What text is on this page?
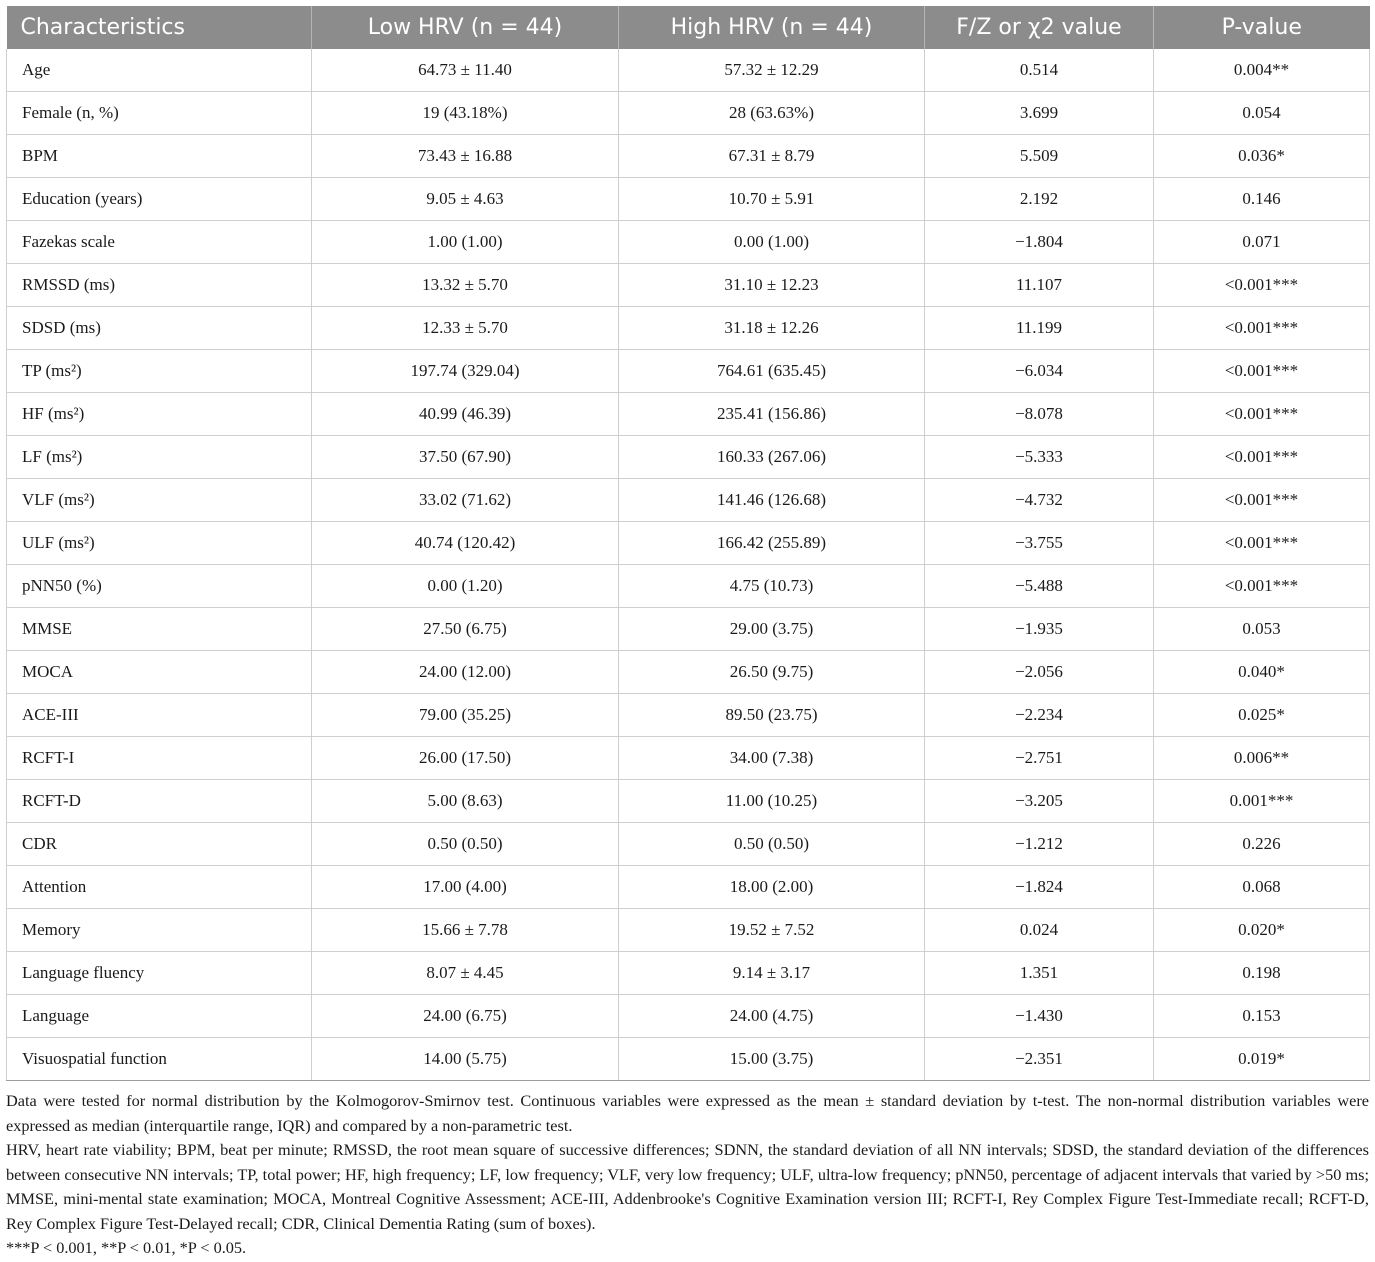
Characteristics	Low HRV (n = 44)	High HRV (n = 44)	F/Z or χ2 value	P-value
Age	64.73 ± 11.40	57.32 ± 12.29	0.514	0.004**
Female (n, %)	19 (43.18%)	28 (63.63%)	3.699	0.054
BPM	73.43 ± 16.88	67.31 ± 8.79	5.509	0.036*
Education (years)	9.05 ± 4.63	10.70 ± 5.91	2.192	0.146
Fazekas scale	1.00 (1.00)	0.00 (1.00)	−1.804	0.071
RMSSD (ms)	13.32 ± 5.70	31.10 ± 12.23	11.107	<0.001***
SDSD (ms)	12.33 ± 5.70	31.18 ± 12.26	11.199	<0.001***
TP (ms²)	197.74 (329.04)	764.61 (635.45)	−6.034	<0.001***
HF (ms²)	40.99 (46.39)	235.41 (156.86)	−8.078	<0.001***
LF (ms²)	37.50 (67.90)	160.33 (267.06)	−5.333	<0.001***
VLF (ms²)	33.02 (71.62)	141.46 (126.68)	−4.732	<0.001***
ULF (ms²)	40.74 (120.42)	166.42 (255.89)	−3.755	<0.001***
pNN50 (%)	0.00 (1.20)	4.75 (10.73)	−5.488	<0.001***
MMSE	27.50 (6.75)	29.00 (3.75)	−1.935	0.053
MOCA	24.00 (12.00)	26.50 (9.75)	−2.056	0.040*
ACE-III	79.00 (35.25)	89.50 (23.75)	−2.234	0.025*
RCFT-I	26.00 (17.50)	34.00 (7.38)	−2.751	0.006**
RCFT-D	5.00 (8.63)	11.00 (10.25)	−3.205	0.001***
CDR	0.50 (0.50)	0.50 (0.50)	−1.212	0.226
Attention	17.00 (4.00)	18.00 (2.00)	−1.824	0.068
Memory	15.66 ± 7.78	19.52 ± 7.52	0.024	0.020*
Language fluency	8.07 ± 4.45	9.14 ± 3.17	1.351	0.198
Language	24.00 (6.75)	24.00 (4.75)	−1.430	0.153
Visuospatial function	14.00 (5.75)	15.00 (3.75)	−2.351	0.019*

Data were tested for normal distribution by the Kolmogorov-Smirnov test. Continuous variables were expressed as the mean ± standard deviation by t-test. The non-normal distribution variables were expressed as median (interquartile range, IQR) and compared by a non-parametric test.

HRV, heart rate viability; BPM, beat per minute; RMSSD, the root mean square of successive differences; SDNN, the standard deviation of all NN intervals; SDSD, the standard deviation of the differences between consecutive NN intervals; TP, total power; HF, high frequency; LF, low frequency; VLF, very low frequency; ULF, ultra-low frequency; pNN50, percentage of adjacent intervals that varied by >50 ms; MMSE, mini-mental state examination; MOCA, Montreal Cognitive Assessment; ACE-III, Addenbrooke's Cognitive Examination version III; RCFT-I, Rey Complex Figure Test-Immediate recall; RCFT-D, Rey Complex Figure Test-Delayed recall; CDR, Clinical Dementia Rating (sum of boxes).

***P < 0.001, **P < 0.01, *P < 0.05.
